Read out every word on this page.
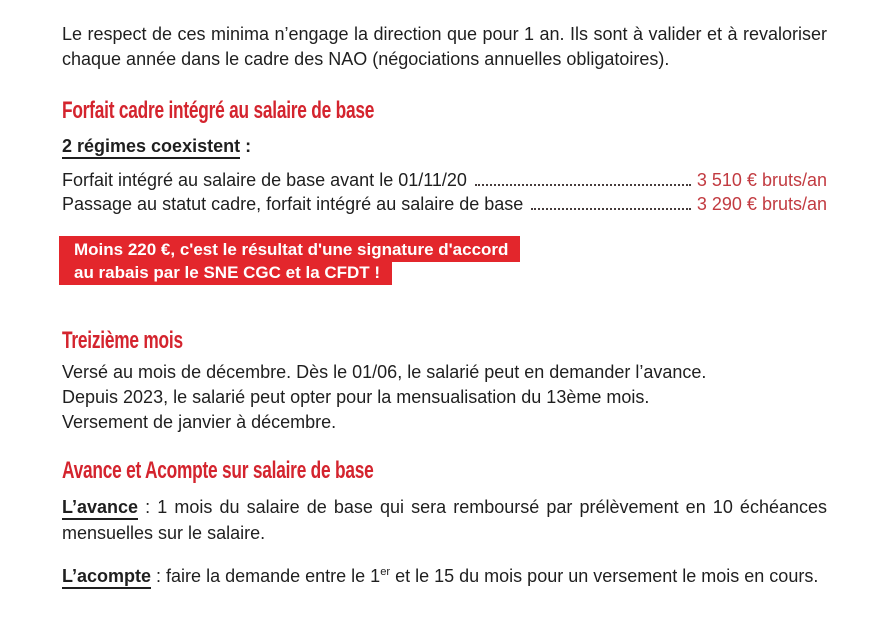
Le respect de ces minima n’engage la direction que pour 1 an. Ils sont à valider et à revaloriser chaque année dans le cadre des NAO (négociations annuelles obligatoires).

Forfait cadre intégré au salaire de base
2 régimes coexistent :
Forfait intégré au salaire de base avant le 01/11/20	3 510 € bruts/an
Passage au statut cadre, forfait intégré au salaire de base	3 290 € bruts/an
Moins 220 €, c'est le résultat d'une signature d'accord
au rabais par le SNE CGC et la CFDT !
Treizième mois
Versé au mois de décembre. Dès le 01/06, le salarié peut en demander l’avance.
Depuis 2023, le salarié peut opter pour la mensualisation du 13ème mois.
Versement de janvier à décembre.
Avance et Acompte sur salaire de base

L’avance : 1 mois du salaire de base qui sera remboursé par prélèvement en 10 échéances mensuelles sur le salaire.

L’acompte : faire la demande entre le 1er et le 15 du mois pour un versement le mois en cours.
